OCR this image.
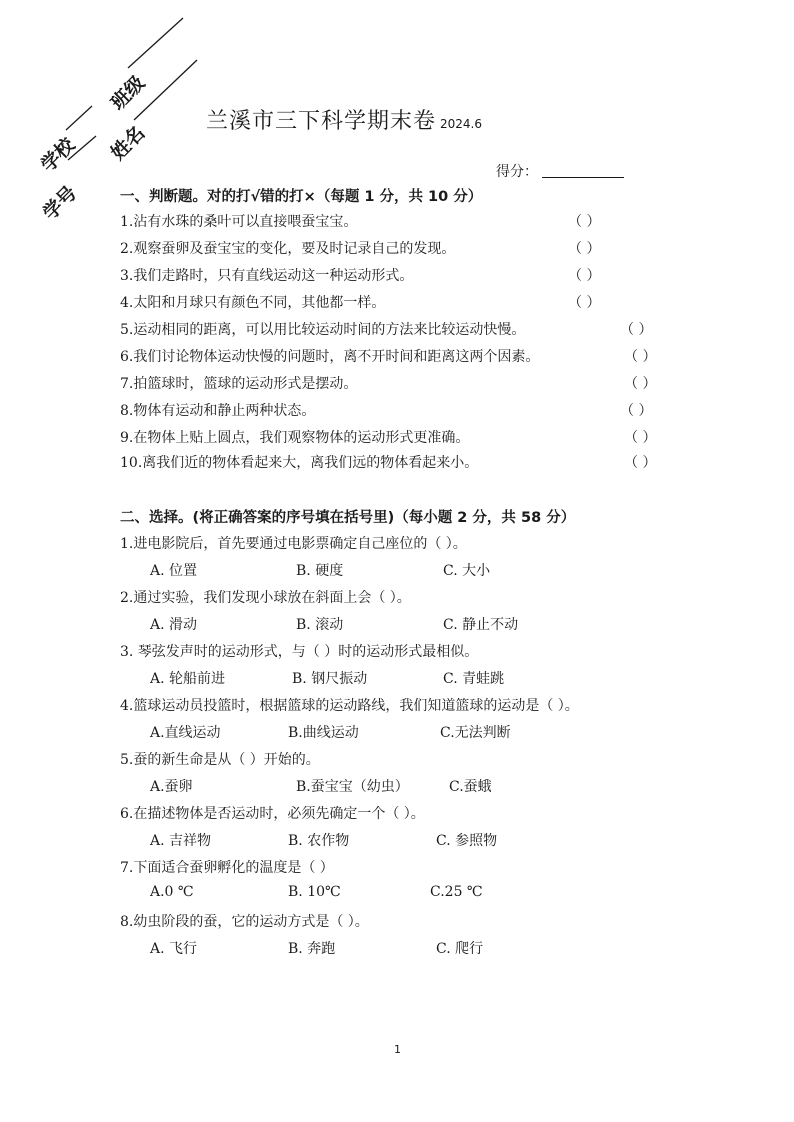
学校
班级
学号
姓名
兰溪市三下科学期末卷 2024.6
得分：
一、判断题。对的打√错的打×（每题 1 分，共 10 分）
1.沾有水珠的桑叶可以直接喂蚕宝宝。	（ ）
2.观察蚕卵及蚕宝宝的变化，要及时记录自己的发现。	（ ）
3.我们走路时，只有直线运动这一种运动形式。	（ ）
4.太阳和月球只有颜色不同，其他都一样。	（ ）
5.运动相同的距离，可以用比较运动时间的方法来比较运动快慢。	（ ）
6.我们讨论物体运动快慢的问题时，离不开时间和距离这两个因素。	（ ）
7.拍篮球时，篮球的运动形式是摆动。	（ ）
8.物体有运动和静止两种状态。	（ ）
9.在物体上贴上圆点，我们观察物体的运动形式更准确。	（ ）
10.离我们近的物体看起来大，离我们远的物体看起来小。	（ ）
二、选择。(将正确答案的序号填在括号里)（每小题 2 分，共 58 分）
1.进电影院后，首先要通过电影票确定自己座位的（ ）。
A. 位置	B. 硬度	C. 大小
2.通过实验，我们发现小球放在斜面上会（ ）。
A. 滑动	B. 滚动	C. 静止不动
3. 琴弦发声时的运动形式，与（ ）时的运动形式最相似。
A. 轮船前进	B. 钢尺振动	C. 青蛙跳
4.篮球运动员投篮时，根据篮球的运动路线，我们知道篮球的运动是（ ）。
A.直线运动	B.曲线运动	C.无法判断
5.蚕的新生命是从（ ）开始的。
A.蚕卵	B.蚕宝宝（幼虫）	C.蚕蛾
6.在描述物体是否运动时，必须先确定一个（ ）。
A. 吉祥物	B. 农作物	C. 参照物
7.下面适合蚕卵孵化的温度是（ ）
A.0 ℃	B. 10℃	C.25 ℃
8.幼虫阶段的蚕，它的运动方式是（ ）。
A. 飞行	B. 奔跑	C. 爬行
1
